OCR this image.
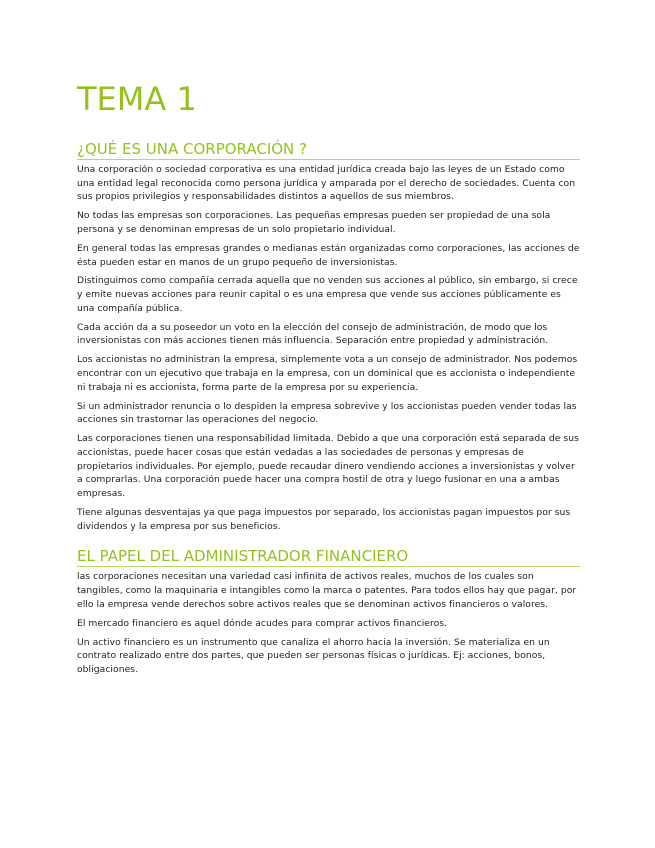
TEMA 1
¿QUÉ ES UNA CORPORACIÓN ?

Una corporación o sociedad corporativa es una entidad jurídica creada bajo las leyes de un Estado como una entidad legal reconocida como persona jurídica y amparada por el derecho de sociedades. Cuenta con sus propios privilegios y responsabilidades distintos a aquellos de sus miembros.

No todas las empresas son corporaciones. Las pequeñas empresas pueden ser propiedad de una sola persona y se denominan empresas de un solo propietario individual.

En general todas las empresas grandes o medianas están organizadas como corporaciones, las acciones de ésta pueden estar en manos de un grupo pequeño de inversionistas.

Distinguimos como compañía cerrada aquella que no venden sus acciones al público, sin embargo, si crece y emite nuevas acciones para reunir capital o es una empresa que vende sus acciones públicamente es una compañía pública.

Cada acción da a su poseedor un voto en la elección del consejo de administración, de modo que los inversionistas con más acciones tienen más influencia. Separación entre propiedad y administración.

Los accionistas no administran la empresa, simplemente vota a un consejo de administrador. Nos podemos encontrar con un ejecutivo que trabaja en la empresa, con un dominical que es accionista o independiente ni trabaja ni es accionista, forma parte de la empresa por su experiencia.

Si un administrador renuncia o lo despiden la empresa sobrevive y los accionistas pueden vender todas las acciones sin trastornar las operaciones del negocio.

Las corporaciones tienen una responsabilidad limitada. Debido a que una corporación está separada de sus accionistas, puede hacer cosas que están vedadas a las sociedades de personas y empresas de propietarios individuales. Por ejemplo, puede recaudar dinero vendiendo acciones a inversionistas y volver a comprarlas. Una corporación puede hacer una compra hostil de otra y luego fusionar en una a ambas empresas.

Tiene algunas desventajas ya que paga impuestos por separado, los accionistas pagan impuestos por sus dividendos y la empresa por sus beneficios.

EL PAPEL DEL ADMINISTRADOR FINANCIERO

las corporaciones necesitan una variedad casi infinita de activos reales, muchos de los cuales son tangibles, como la maquinaria e intangibles como la marca o patentes. Para todos ellos hay que pagar, por ello la empresa vende derechos sobre activos reales que se denominan activos financieros o valores.

El mercado financiero es aquel dónde acudes para comprar activos financieros.

Un activo financiero es un instrumento que canaliza el ahorro hacia la inversión. Se materializa en un contrato realizado entre dos partes, que pueden ser personas físicas o jurídicas. Ej: acciones, bonos, obligaciones.
